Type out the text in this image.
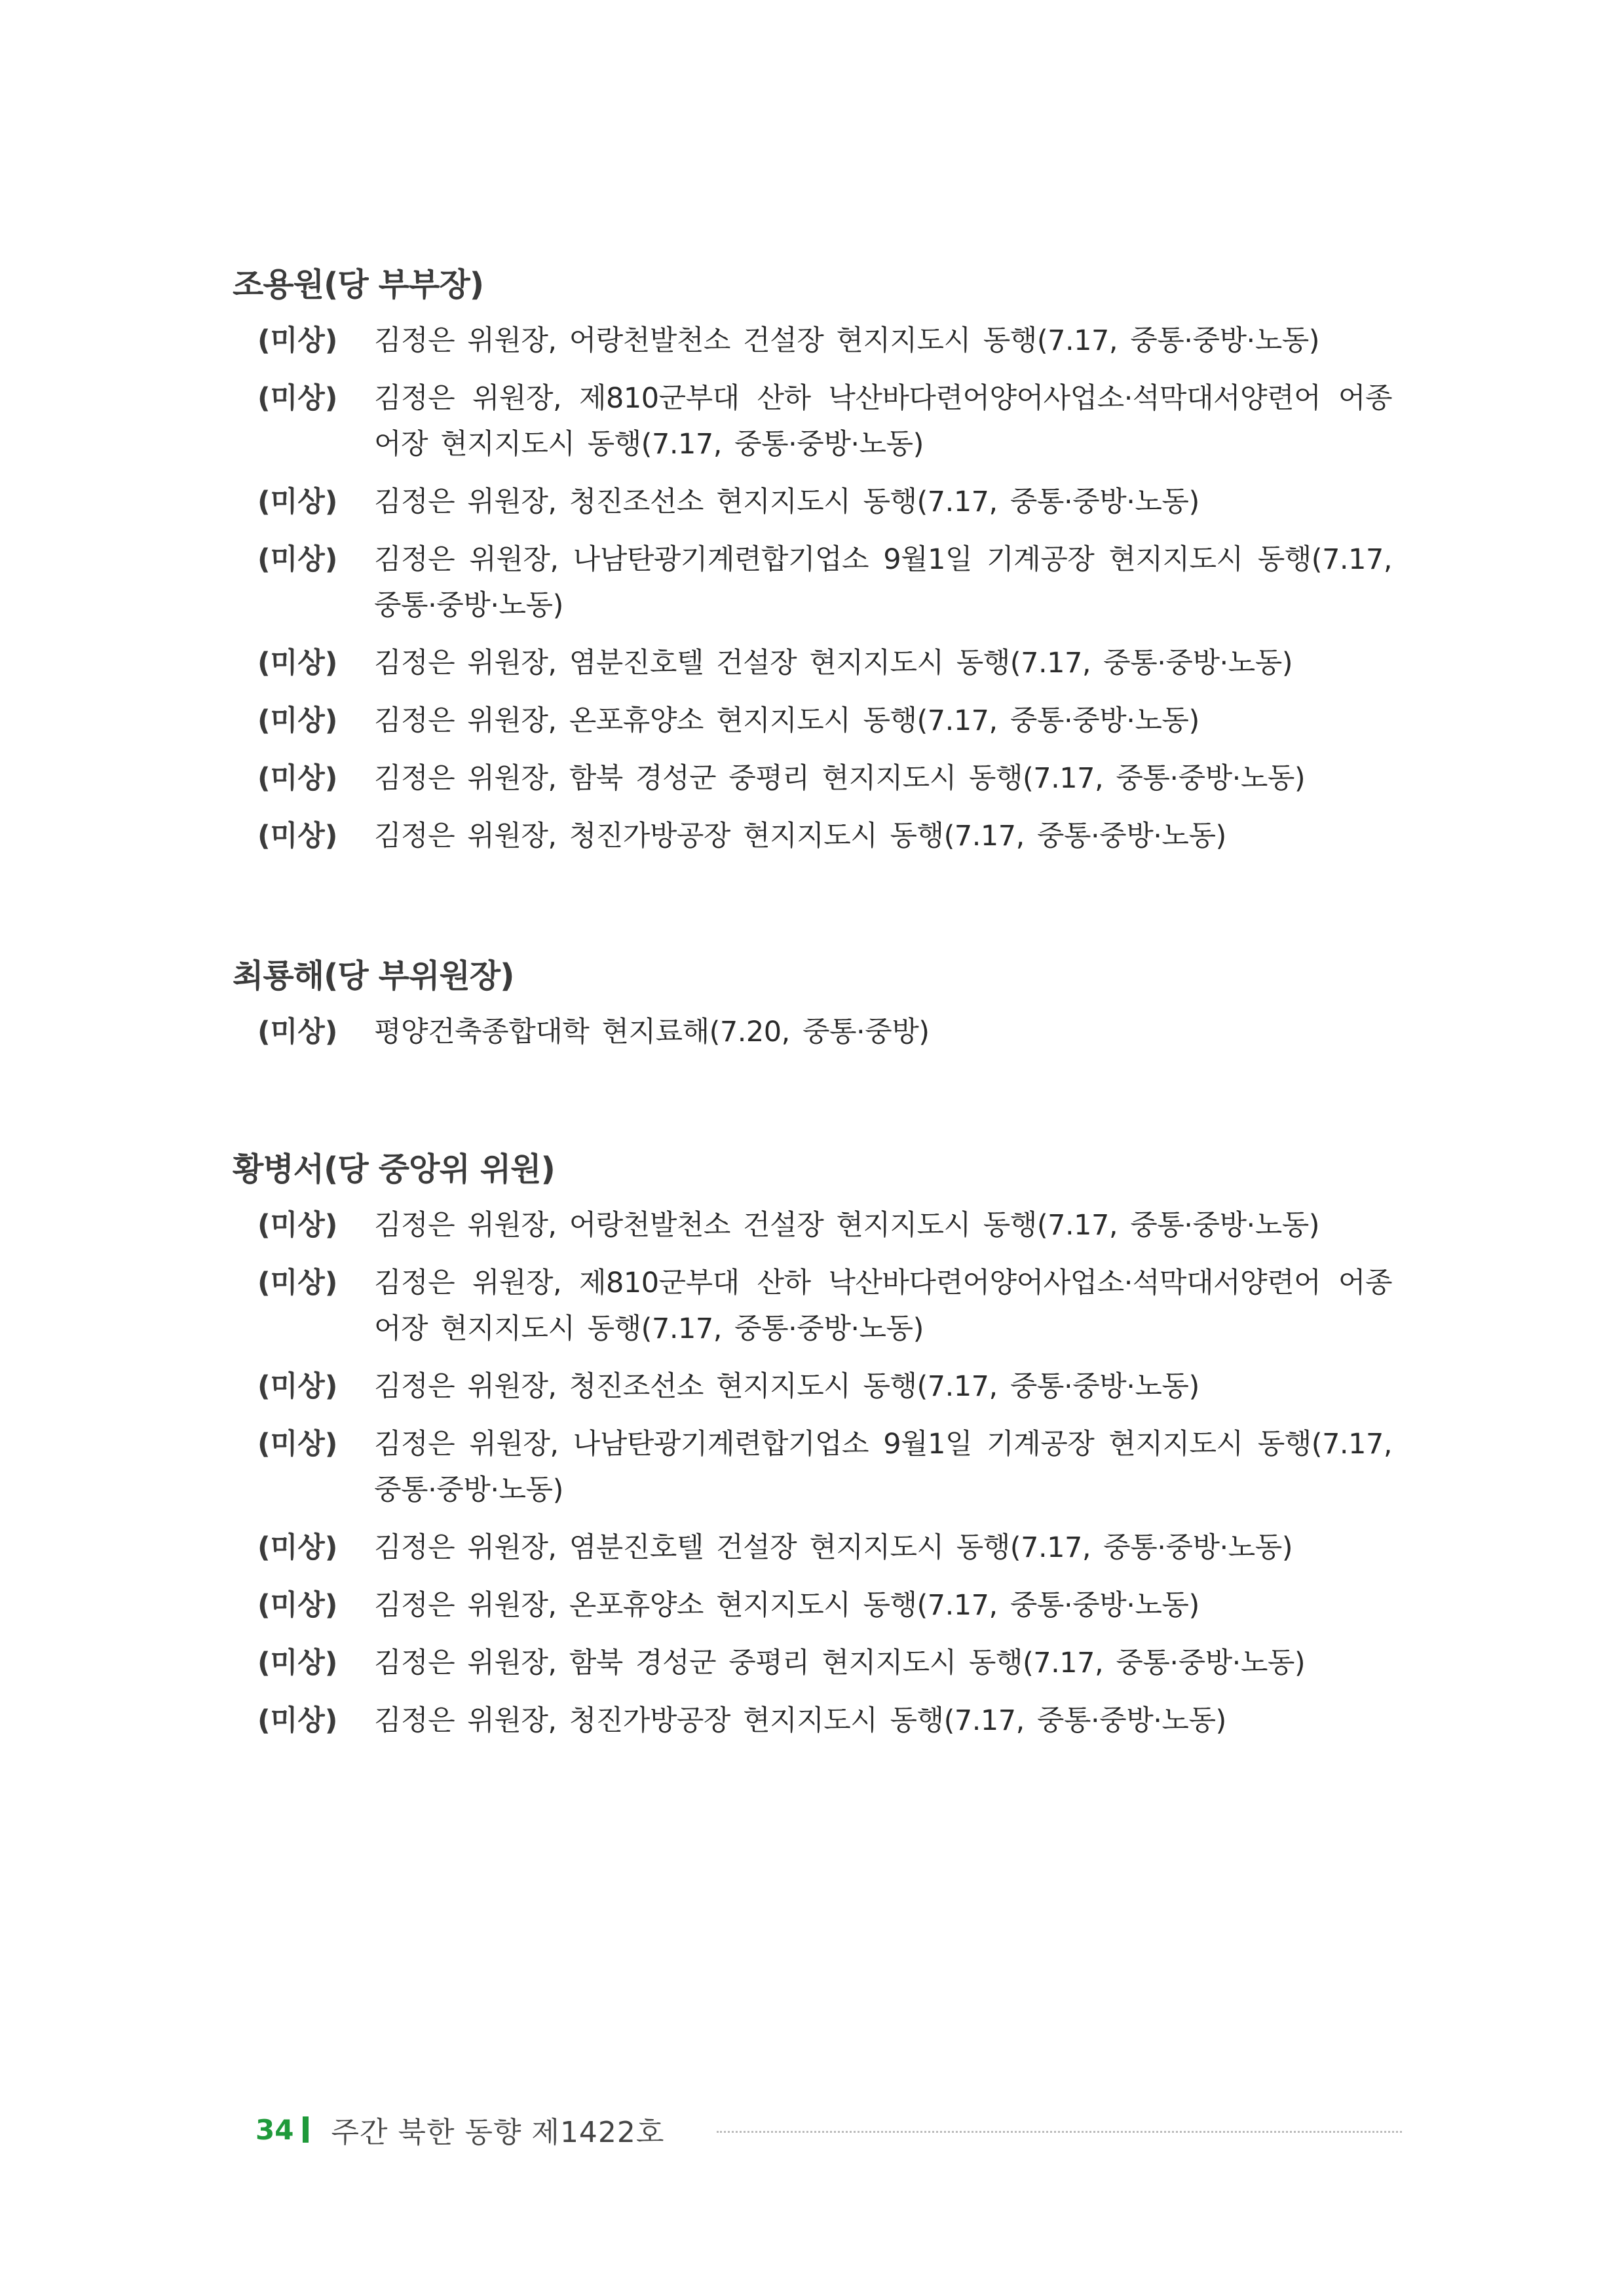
조용원(당 부부장)
(미상)	김정은 위원장, 어랑천발천소 건설장 현지지도시 동행(7.17, 중통·중방·노동)
(미상)	김정은 위원장, 제810군부대 산하 낙산바다련어양어사업소·석막대서양련어 어종어장 현지지도시 동행(7.17, 중통·중방·노동)
(미상)	김정은 위원장, 청진조선소 현지지도시 동행(7.17, 중통·중방·노동)
(미상)	김정은 위원장, 나남탄광기계련합기업소 9월1일 기계공장 현지지도시 동행(7.17, 중통·중방·노동)
(미상)	김정은 위원장, 염분진호텔 건설장 현지지도시 동행(7.17, 중통·중방·노동)
(미상)	김정은 위원장, 온포휴양소 현지지도시 동행(7.17, 중통·중방·노동)
(미상)	김정은 위원장, 함북 경성군 중평리 현지지도시 동행(7.17, 중통·중방·노동)
(미상)	김정은 위원장, 청진가방공장 현지지도시 동행(7.17, 중통·중방·노동)
최룡해(당 부위원장)
(미상)	평양건축종합대학 현지료해(7.20, 중통·중방)
황병서(당 중앙위 위원)
(미상)	김정은 위원장, 어랑천발천소 건설장 현지지도시 동행(7.17, 중통·중방·노동)
(미상)	김정은 위원장, 제810군부대 산하 낙산바다련어양어사업소·석막대서양련어 어종어장 현지지도시 동행(7.17, 중통·중방·노동)
(미상)	김정은 위원장, 청진조선소 현지지도시 동행(7.17, 중통·중방·노동)
(미상)	김정은 위원장, 나남탄광기계련합기업소 9월1일 기계공장 현지지도시 동행(7.17, 중통·중방·노동)
(미상)	김정은 위원장, 염분진호텔 건설장 현지지도시 동행(7.17, 중통·중방·노동)
(미상)	김정은 위원장, 온포휴양소 현지지도시 동행(7.17, 중통·중방·노동)
(미상)	김정은 위원장, 함북 경성군 중평리 현지지도시 동행(7.17, 중통·중방·노동)
(미상)	김정은 위원장, 청진가방공장 현지지도시 동행(7.17, 중통·중방·노동)
34 주간 북한 동향 제1422호
